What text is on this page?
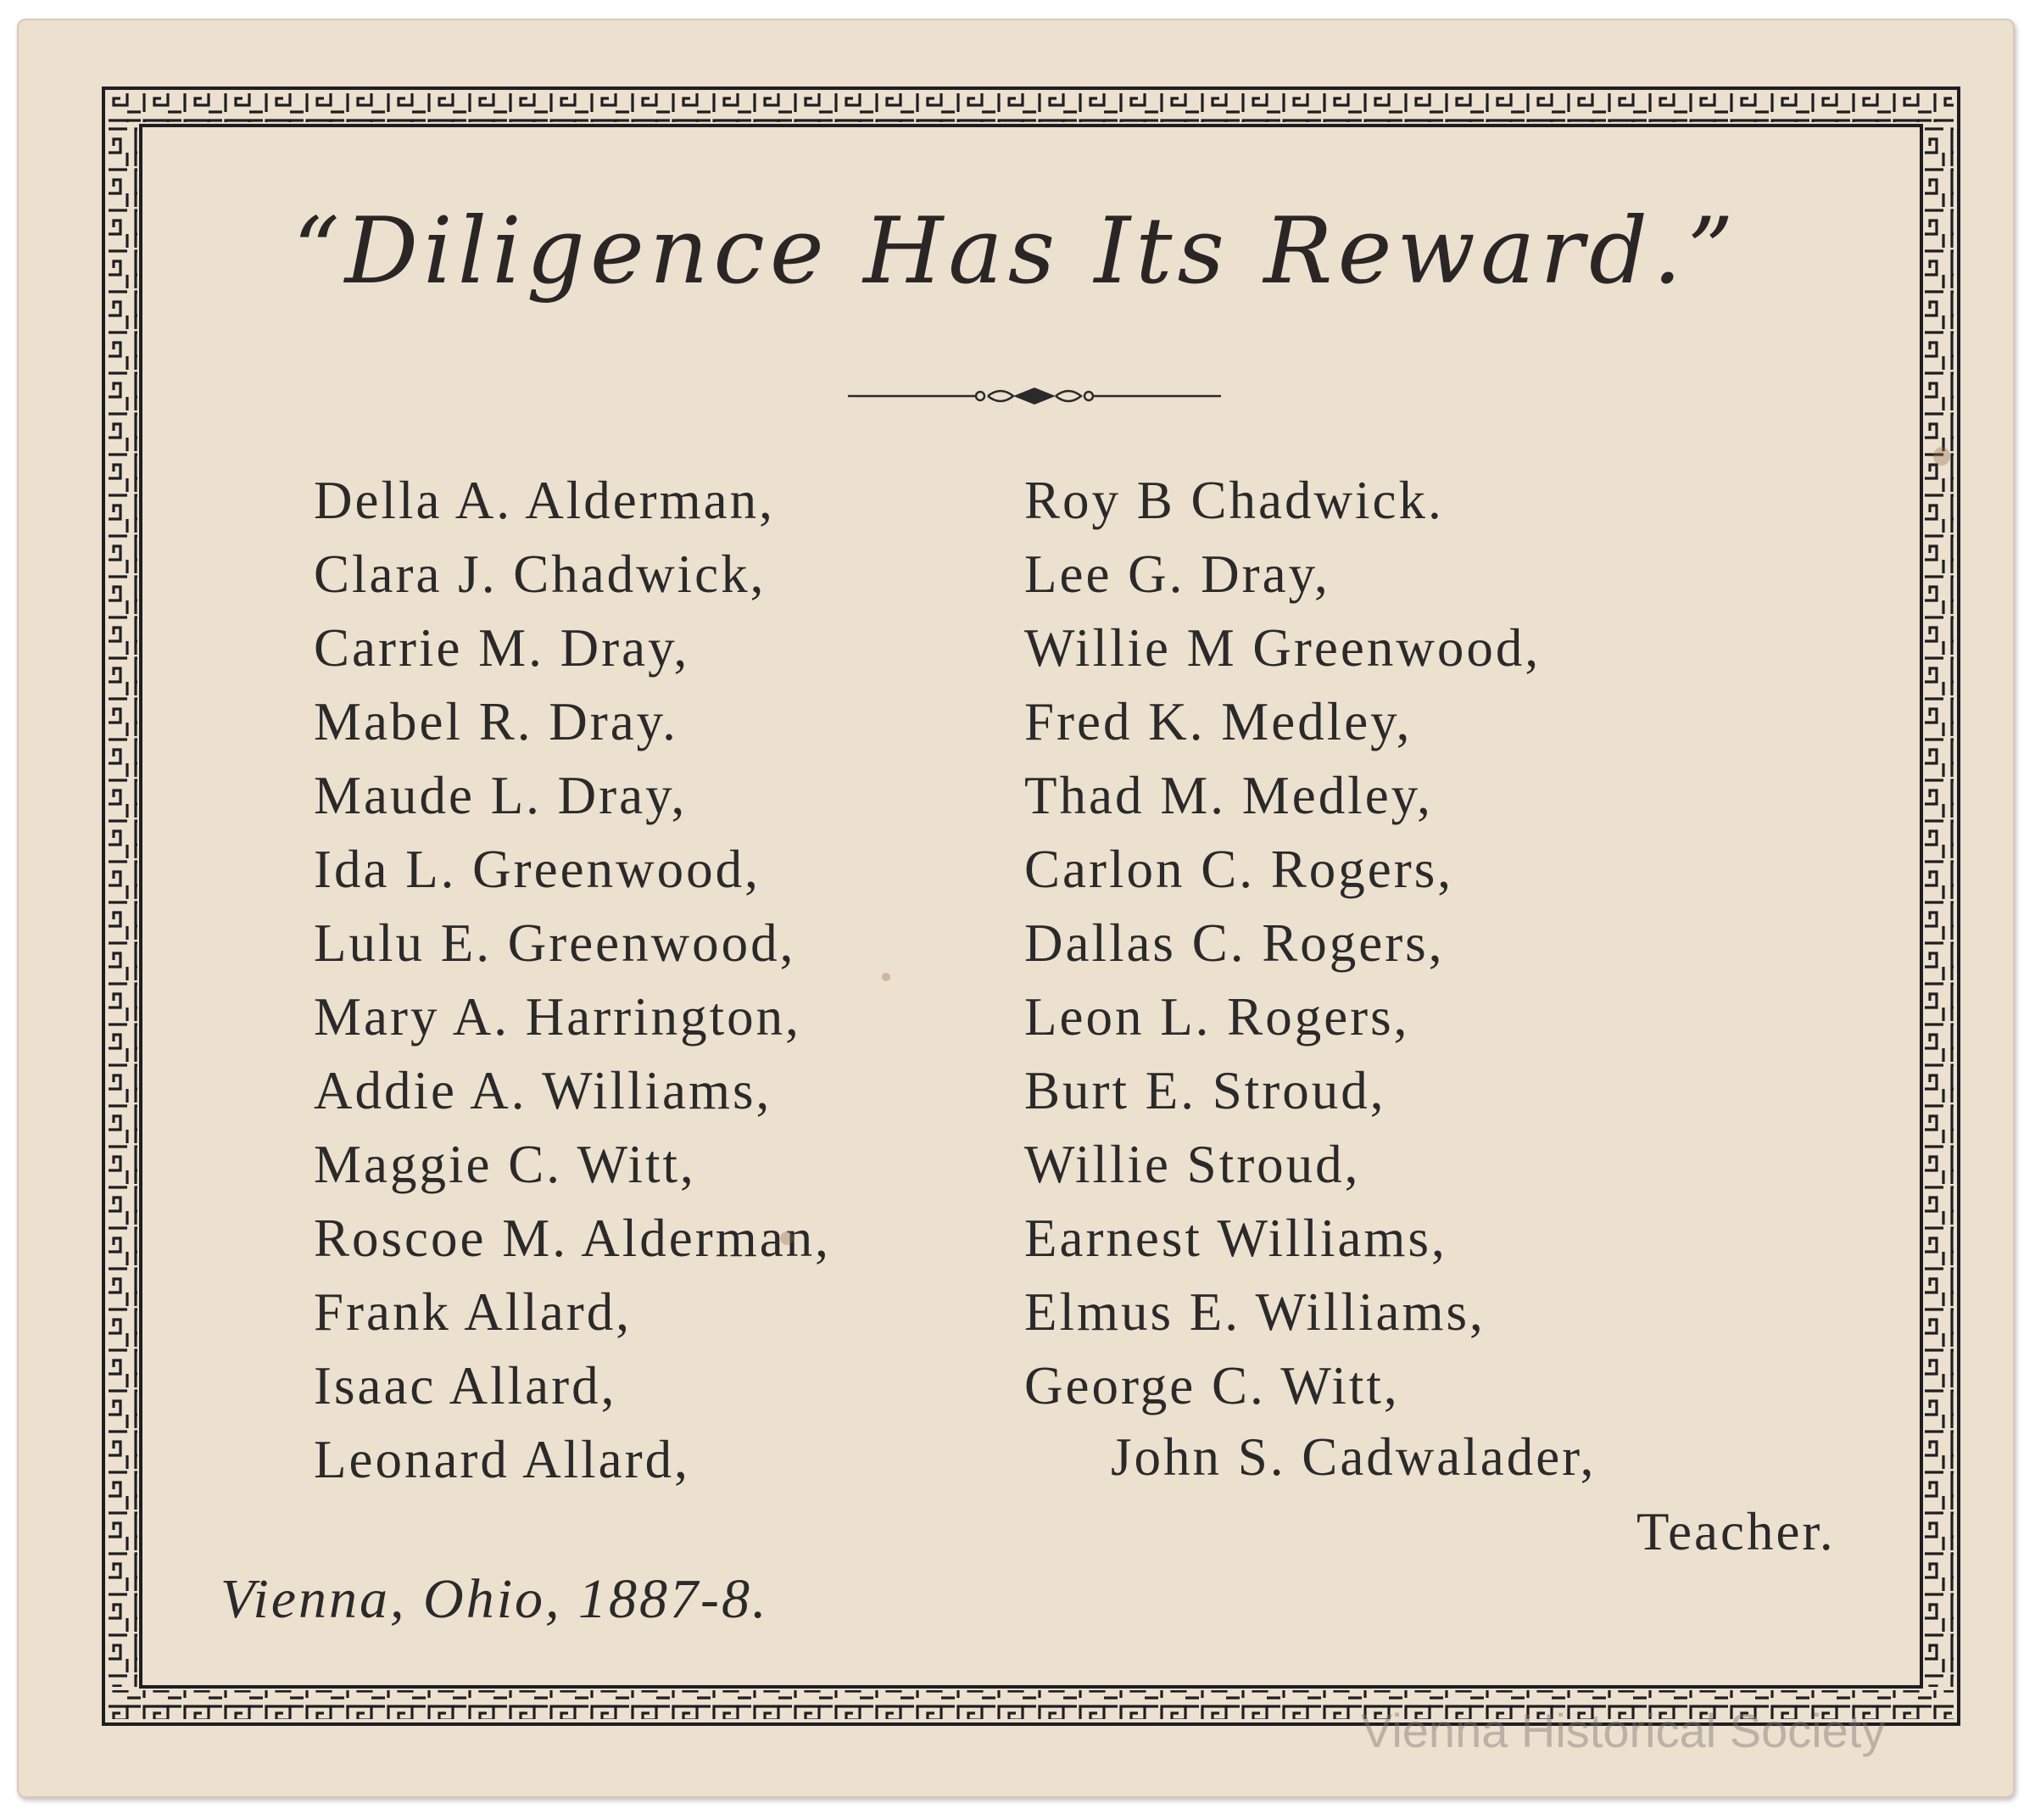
“Diligence Has Its Reward.”
Della A. Alderman,
Clara J. Chadwick,
Carrie M. Dray,
Mabel R. Dray.
Maude L. Dray,
Ida L. Greenwood,
Lulu E. Greenwood,
Mary A. Harrington,
Addie A. Williams,
Maggie C. Witt,
Roscoe M. Alderman,
Frank Allard,
Isaac Allard,
Leonard Allard,
Roy B Chadwick.
Lee G. Dray,
Willie M Greenwood,
Fred K. Medley,
Thad M. Medley,
Carlon C. Rogers,
Dallas C. Rogers,
Leon L. Rogers,
Burt E. Stroud,
Willie Stroud,
Earnest Williams,
Elmus E. Williams,
George C. Witt,
John S. Cadwalader,
Teacher.
Vienna, Ohio, 1887-8.
Vienna Historical Society
